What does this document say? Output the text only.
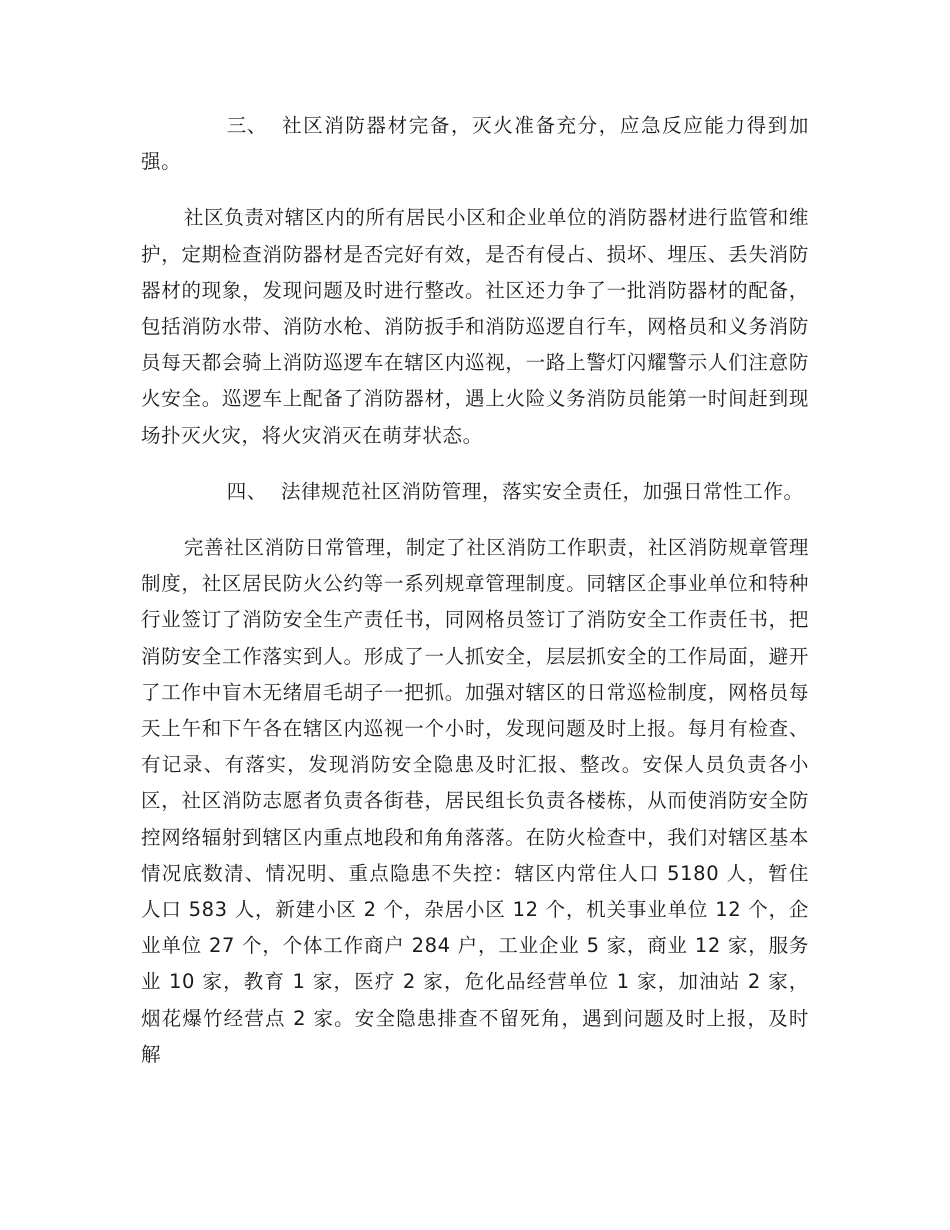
三、 社区消防器材完备，灭火准备充分，应急反应能力得到加强。

社区负责对辖区内的所有居民小区和企业单位的消防器材进行监管和维护，定期检查消防器材是否完好有效，是否有侵占、损坏、埋压、丢失消防器材的现象，发现问题及时进行整改。社区还力争了一批消防器材的配备，包括消防水带、消防水枪、消防扳手和消防巡逻自行车，网格员和义务消防员每天都会骑上消防巡逻车在辖区内巡视，一路上警灯闪耀警示人们注意防火安全。巡逻车上配备了消防器材，遇上火险义务消防员能第一时间赶到现场扑灭火灾，将火灾消灭在萌芽状态。

四、 法律规范社区消防管理，落实安全责任，加强日常性工作。

完善社区消防日常管理，制定了社区消防工作职责，社区消防规章管理制度，社区居民防火公约等一系列规章管理制度。同辖区企事业单位和特种行业签订了消防安全生产责任书，同网格员签订了消防安全工作责任书，把消防安全工作落实到人。形成了一人抓安全，层层抓安全的工作局面，避开了工作中盲木无绪眉毛胡子一把抓。加强对辖区的日常巡检制度，网格员每天上午和下午各在辖区内巡视一个小时，发现问题及时上报。每月有检查、有记录、有落实，发现消防安全隐患及时汇报、整改。安保人员负责各小区，社区消防志愿者负责各街巷，居民组长负责各楼栋，从而使消防安全防控网络辐射到辖区内重点地段和角角落落。在防火检查中，我们对辖区基本情况底数清、情况明、重点隐患不失控：辖区内常住人口 5180 人，暂住人口 583 人，新建小区 2 个，杂居小区 12 个，机关事业单位 12 个，企业单位 27 个，个体工作商户 284 户，工业企业 5 家，商业 12 家，服务业 10 家，教育 1 家，医疗 2 家，危化品经营单位 1 家，加油站 2 家，烟花爆竹经营点 2 家。安全隐患排查不留死角，遇到问题及时上报，及时解
